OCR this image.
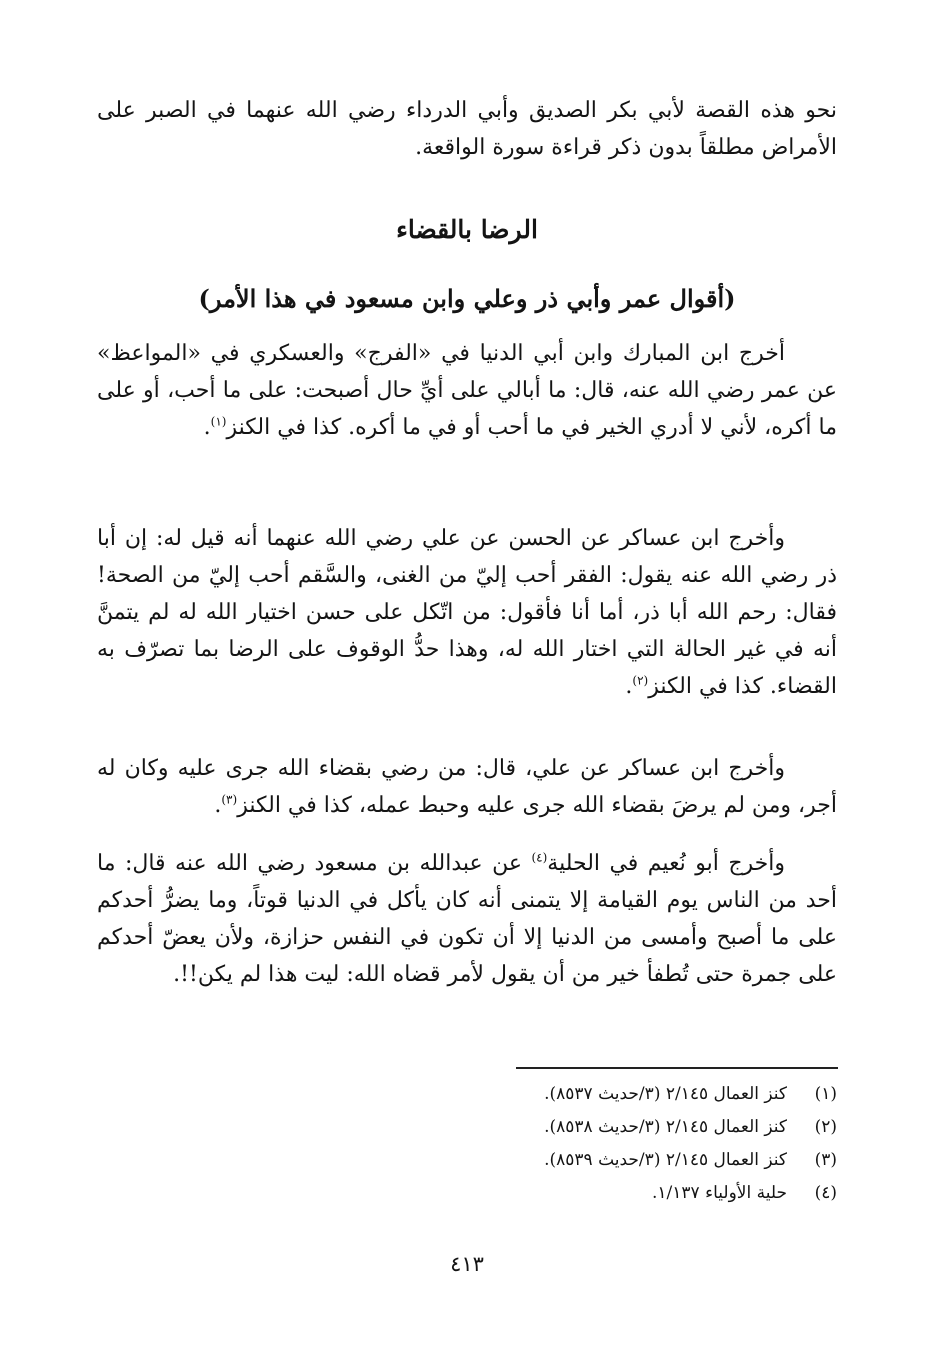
نحو هذه القصة لأبي بكر الصديق وأبي الدرداء رضي الله عنهما في الصبر على الأمراض مطلقاً بدون ذكر قراءة سورة الواقعة.

الرضا بالقضاء
(أقوال عمر وأبي ذر وعلي وابن مسعود في هذا الأمر)

أخرج ابن المبارك وابن أبي الدنيا في «الفرج» والعسكري في «المواعظ» عن عمر رضي الله عنه، قال: ما أبالي على أيِّ حال أصبحت: على ما أحب، أو على ما أكره، لأني لا أدري الخير في ما أحب أو في ما أكره. كذا في الكنز$^{(١)}$.

وأخرج ابن عساكر عن الحسن عن علي رضي الله عنهما أنه قيل له: إن أبا ذر رضي الله عنه يقول: الفقر أحب إليّ من الغنى، والسَّقم أحب إليّ من الصحة! فقال: رحم الله أبا ذر، أما أنا فأقول: من اتّكل على حسن اختيار الله له لم يتمنَّ أنه في غير الحالة التي اختار الله له، وهذا حدُّ الوقوف على الرضا بما تصرّف به القضاء. كذا في الكنز$^{(٢)}$.

وأخرج ابن عساكر عن علي، قال: من رضي بقضاء الله جرى عليه وكان له أجر، ومن لم يرضَ بقضاء الله جرى عليه وحبط عمله، كذا في الكنز$^{(٣)}$.

وأخرج أبو نُعيم في الحلية$^{(٤)}$ عن عبدالله بن مسعود رضي الله عنه قال: ما أحد من الناس يوم القيامة إلا يتمنى أنه كان يأكل في الدنيا قوتاً، وما يضرُّ أحدكم على ما أصبح وأمسى من الدنيا إلا أن تكون في النفس حزازة، ولأن يعضّ أحدكم على جمرة حتى تُطفأ خير من أن يقول لأمر قضاه الله: ليت هذا لم يكن!!.

(١)
كنز العمال ٢/١٤٥ (٣/حديث ٨٥٣٧).
(٢)
كنز العمال ٢/١٤٥ (٣/حديث ٨٥٣٨).
(٣)
كنز العمال ٢/١٤٥ (٣/حديث ٨٥٣٩).
(٤)
حلية الأولياء ١/١٣٧.
٤١٣
